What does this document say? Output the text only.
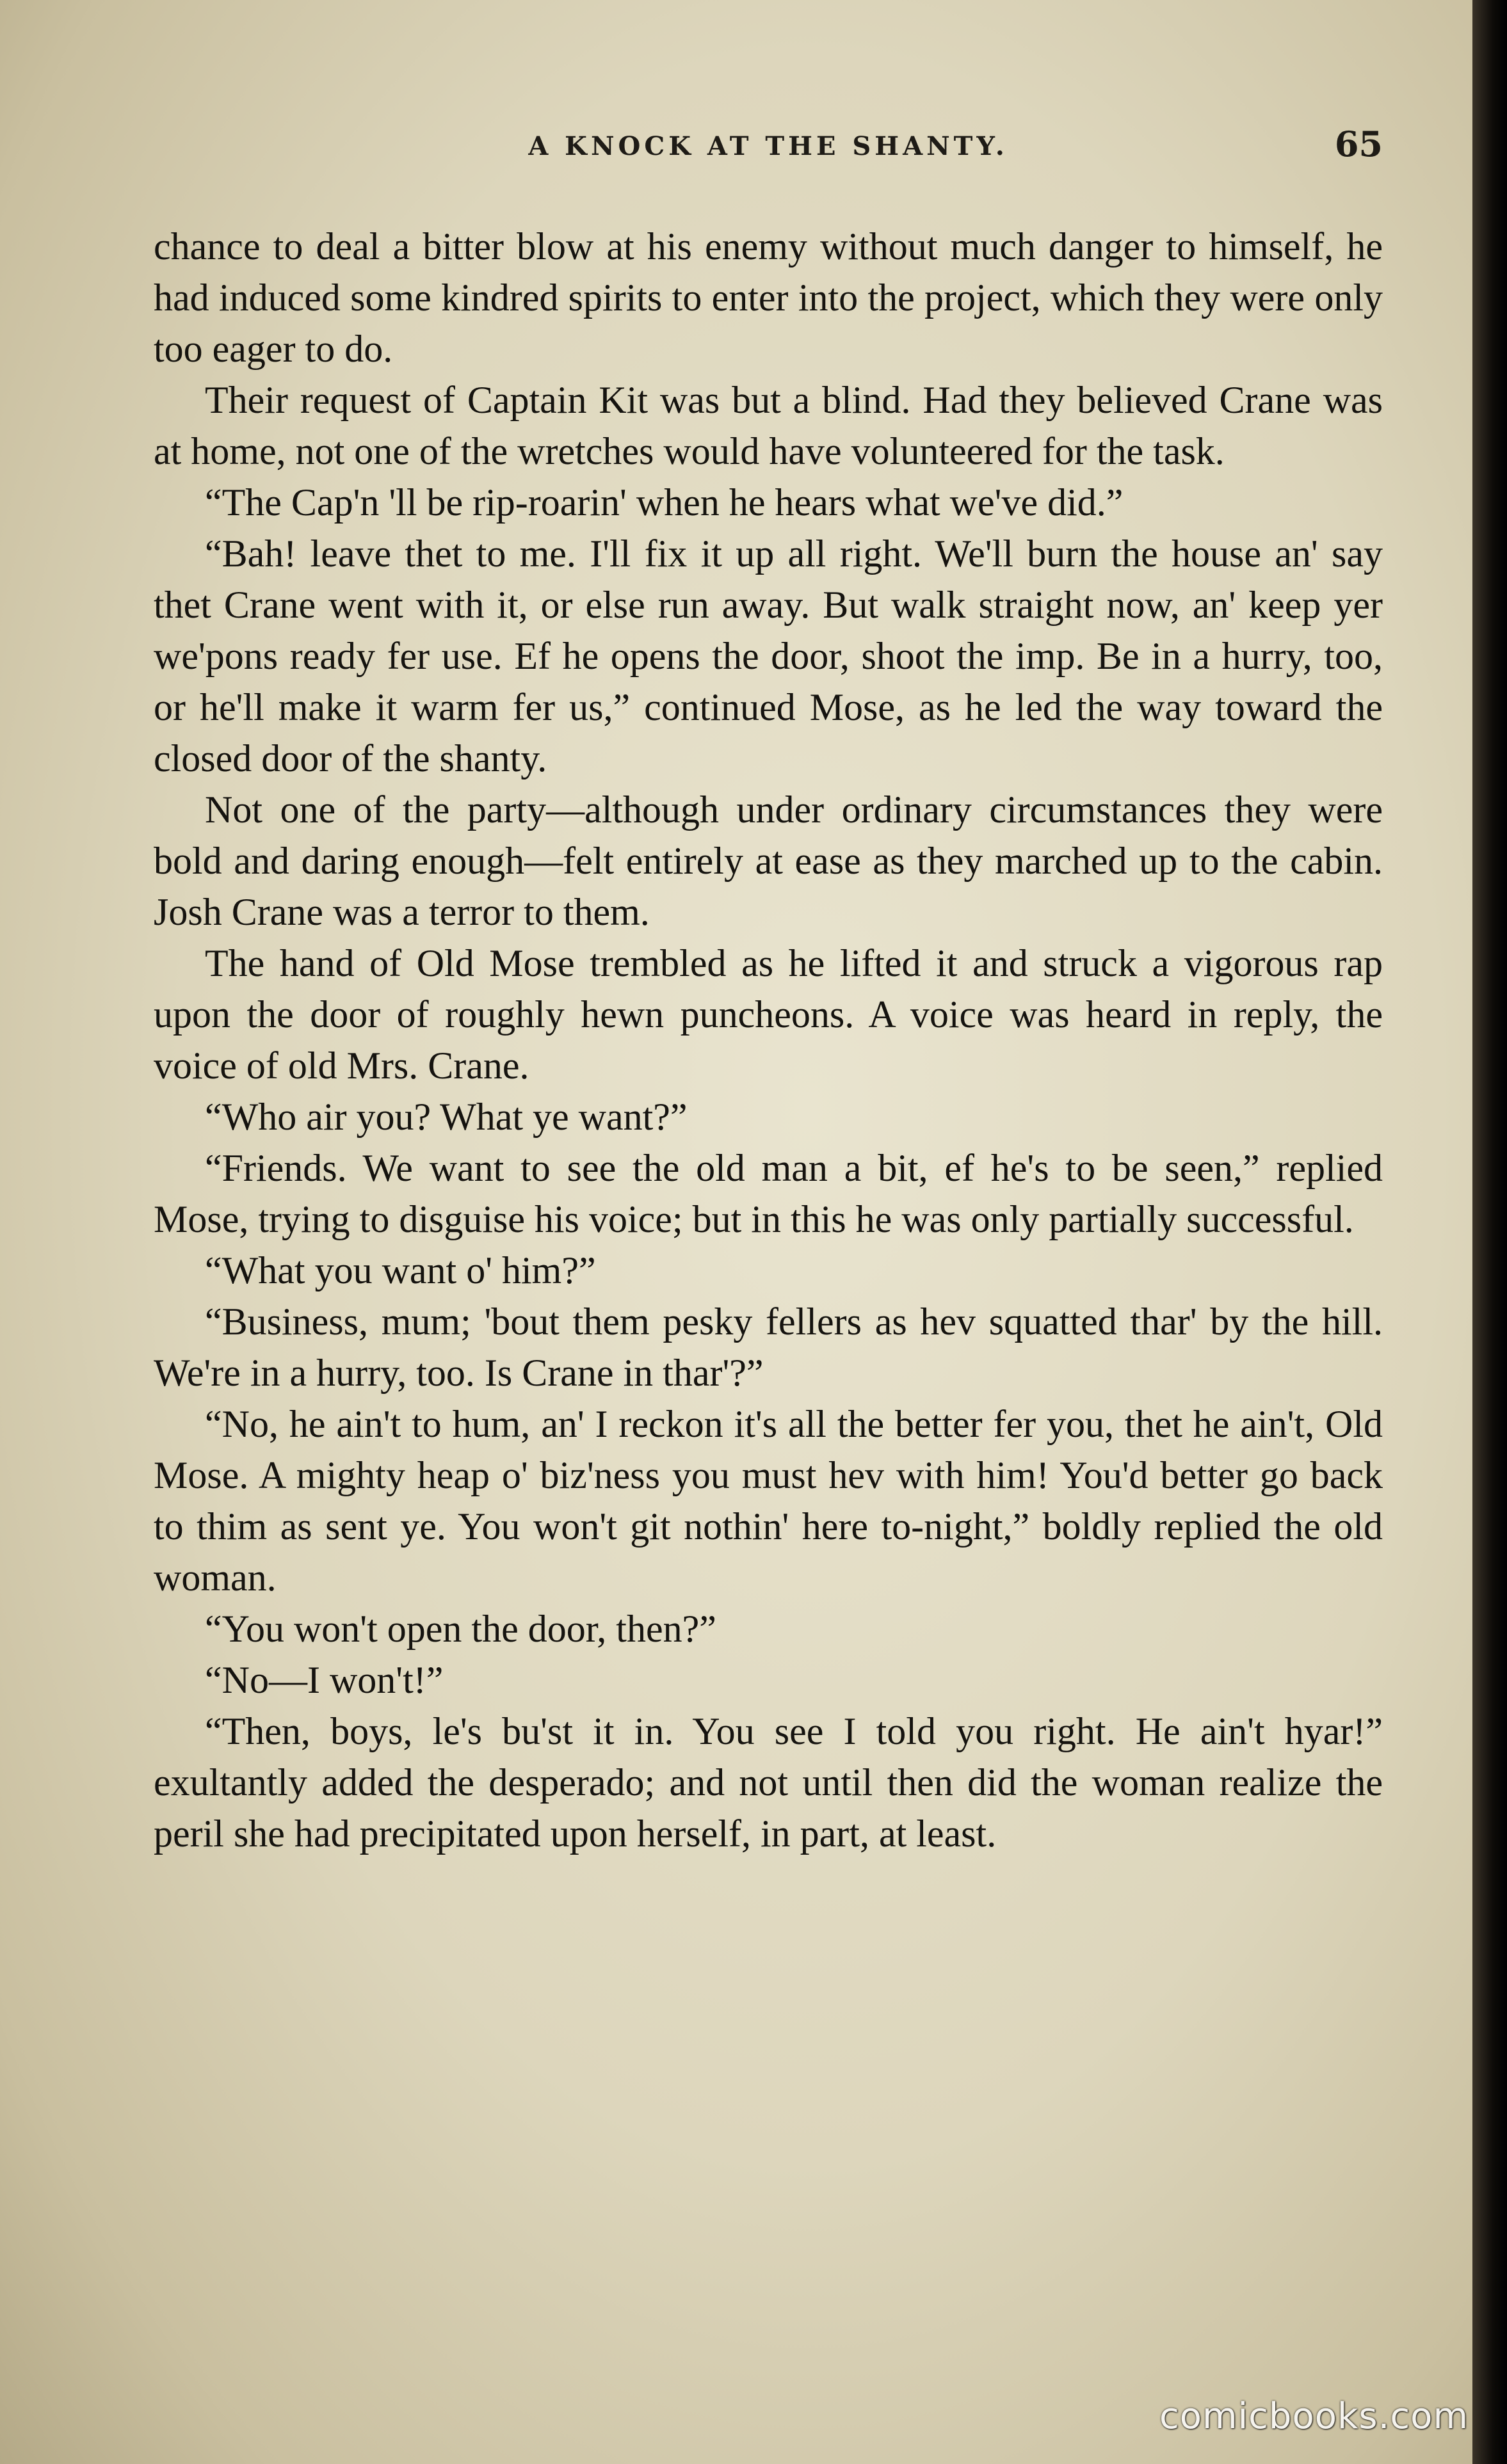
A KNOCK AT THE SHANTY.	65

chance to deal a bitter blow at his enemy without much danger to himself, he had induced some kindred spirits to enter into the project, which they were only too eager to do.

Their request of Captain Kit was but a blind. Had they believed Crane was at home, not one of the wretches would have volunteered for the task.

“The Cap'n 'll be rip-roarin' when he hears what we've did.”

“Bah! leave thet to me. I'll fix it up all right. We'll burn the house an' say thet Crane went with it, or else run away. But walk straight now, an' keep yer we'pons ready fer use. Ef he opens the door, shoot the imp. Be in a hurry, too, or he'll make it warm fer us,” continued Mose, as he led the way toward the closed door of the shanty.

Not one of the party—although under ordinary circumstances they were bold and daring enough—felt entirely at ease as they marched up to the cabin. Josh Crane was a terror to them.

The hand of Old Mose trembled as he lifted it and struck a vigorous rap upon the door of roughly hewn puncheons. A voice was heard in reply, the voice of old Mrs. Crane.

“Who air you? What ye want?”

“Friends. We want to see the old man a bit, ef he's to be seen,” replied Mose, trying to disguise his voice; but in this he was only partially successful.

“What you want o' him?”

“Business, mum; 'bout them pesky fellers as hev squatted thar' by the hill. We're in a hurry, too. Is Crane in thar'?”

“No, he ain't to hum, an' I reckon it's all the better fer you, thet he ain't, Old Mose. A mighty heap o' biz'ness you must hev with him! You'd better go back to thim as sent ye. You won't git nothin' here to-night,” boldly replied the old woman.

“You won't open the door, then?”

“No—I won't!”

“Then, boys, le's bu'st it in. You see I told you right. He ain't hyar!” exultantly added the desperado; and not until then did the woman realize the peril she had precipitated upon herself, in part, at least.

comicbooks.com
